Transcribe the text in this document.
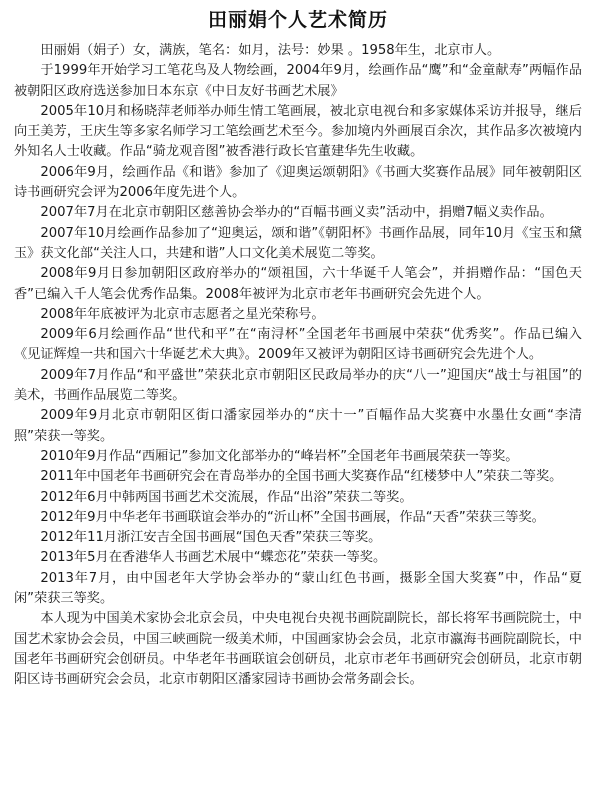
田丽娟个人艺术简历

田丽娟（娟子）女，满族，笔名：如月，法号：妙果 。1958年生，北京市人。

于1999年开始学习工笔花鸟及人物绘画，2004年9月，绘画作品“鹰”和“金童献寿”两幅作品被朝阳区政府选送参加日本东京《中日友好书画艺术展》

2005年10月和杨晓萍老师举办师生情工笔画展，被北京电视台和多家媒体采访并报导，继后向王美芳，王庆生等多家名师学习工笔绘画艺术至今。参加境内外画展百余次，其作品多次被境内外知名人士收藏。作品“骑龙观音图”被香港行政长官董建华先生收藏。

2006年9月，绘画作品《和谐》参加了《迎奥运颂朝阳》《书画大奖赛作品展》同年被朝阳区诗书画研究会评为2006年度先进个人。

2007年7月在北京市朝阳区慈善协会举办的“百幅书画义卖”活动中，捐赠7幅义卖作品。

2007年10月绘画作品参加了“迎奥运，颂和谐”《朝阳杯》书画作品展，同年10月《宝玉和黛玉》获文化部“关注人口，共建和谐”人口文化美术展览二等奖。

2008年9月日参加朝阳区政府举办的“颂祖国，六十华诞千人笔会”，并捐赠作品：“国色天香”已编入千人笔会优秀作品集。2008年被评为北京市老年书画研究会先进个人。

2008年年底被评为北京市志愿者之星光荣称号。

2009年6月绘画作品“世代和平”在“南浔杯”全国老年书画展中荣获“优秀奖”。作品已编入《见证辉煌一共和国六十华诞艺术大典》。2009年又被评为朝阳区诗书画研究会先进个人。

2009年7月作品“和平盛世”荣获北京市朝阳区民政局举办的庆“八一”迎国庆“战士与祖国”的美术，书画作品展览二等奖。

2009年9月北京市朝阳区街口潘家园举办的“庆十一”百幅作品大奖赛中水墨仕女画“李清照”荣获一等奖。

2010年9月作品“西厢记”参加文化部举办的“峰岩杯”全国老年书画展荣获一等奖。

2011年中国老年书画研究会在青岛举办的全国书画大奖赛作品“红楼梦中人”荣获二等奖。

2012年6月中韩两国书画艺术交流展，作品“出浴”荣获二等奖。

2012年9月中华老年书画联谊会举办的“沂山杯”全国书画展，作品“天香”荣获三等奖。

2012年11月浙江安吉全国书画展“国色天香”荣获三等奖。

2013年5月在香港华人书画艺术展中“蝶恋花”荣获一等奖。

2013年7月，由中国老年大学协会举办的“蒙山红色书画，摄影全国大奖赛”中，作品“夏闲”荣获三等奖。

本人现为中国美术家协会北京会员，中央电视台央视书画院副院长，部长将军书画院院士，中国艺术家协会会员，中国三峡画院一级美术师，中国画家协会会员，北京市瀛海书画院副院长，中国老年书画研究会创研员。中华老年书画联谊会创研员，北京市老年书画研究会创研员，北京市朝阳区诗书画研究会会员，北京市朝阳区潘家园诗书画协会常务副会长。
